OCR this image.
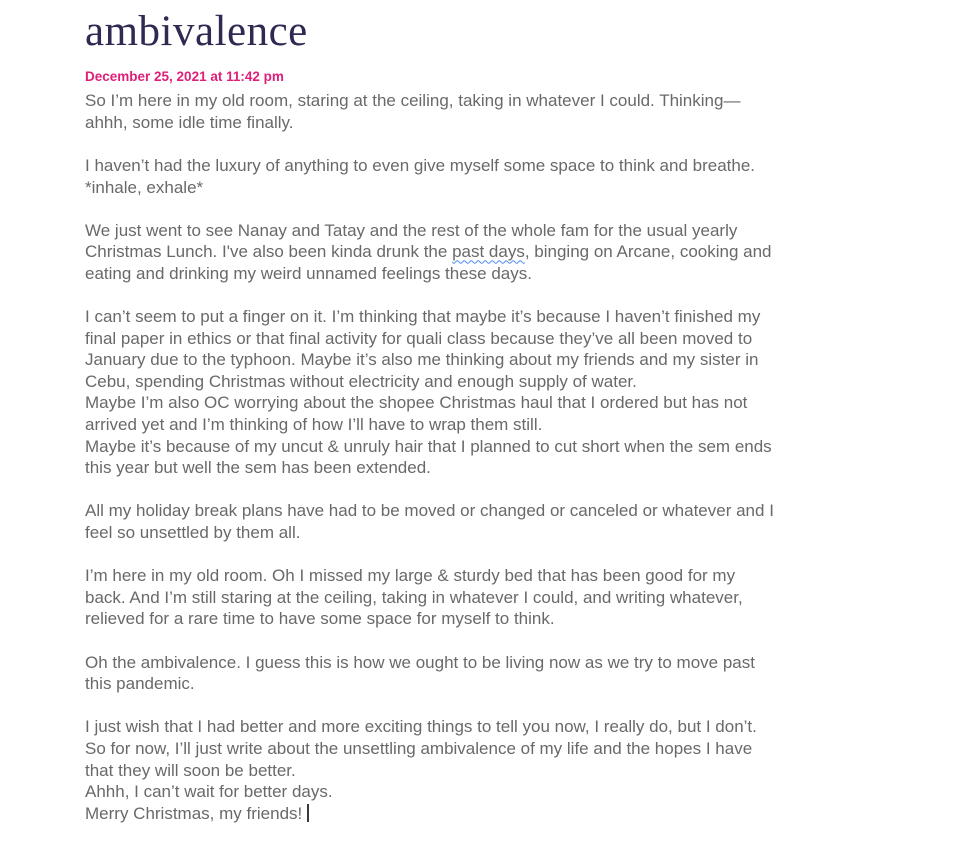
ambivalence
December 25, 2021 at 11:42 pm
So I’m here in my old room, staring at the ceiling, taking in whatever I could. Thinking—
ahhh, some idle time finally.
I haven’t had the luxury of anything to even give myself some space to think and breathe.
*inhale, exhale*
We just went to see Nanay and Tatay and the rest of the whole fam for the usual yearly
Christmas Lunch. I've also been kinda drunk the past days, binging on Arcane, cooking and
eating and drinking my weird unnamed feelings these days.
I can’t seem to put a finger on it. I’m thinking that maybe it’s because I haven’t finished my
final paper in ethics or that final activity for quali class because they’ve all been moved to
January due to the typhoon. Maybe it’s also me thinking about my friends and my sister in
Cebu, spending Christmas without electricity and enough supply of water.
Maybe I’m also OC worrying about the shopee Christmas haul that I ordered but has not
arrived yet and I’m thinking of how I’ll have to wrap them still.
Maybe it’s because of my uncut & unruly hair that I planned to cut short when the sem ends
this year but well the sem has been extended.
All my holiday break plans have had to be moved or changed or canceled or whatever and I
feel so unsettled by them all.
I’m here in my old room. Oh I missed my large & sturdy bed that has been good for my
back. And I’m still staring at the ceiling, taking in whatever I could, and writing whatever,
relieved for a rare time to have some space for myself to think.
Oh the ambivalence. I guess this is how we ought to be living now as we try to move past
this pandemic.
I just wish that I had better and more exciting things to tell you now, I really do, but I don’t.
So for now, I’ll just write about the unsettling ambivalence of my life and the hopes I have
that they will soon be better.
Ahhh, I can’t wait for better days.
Merry Christmas, my friends!
